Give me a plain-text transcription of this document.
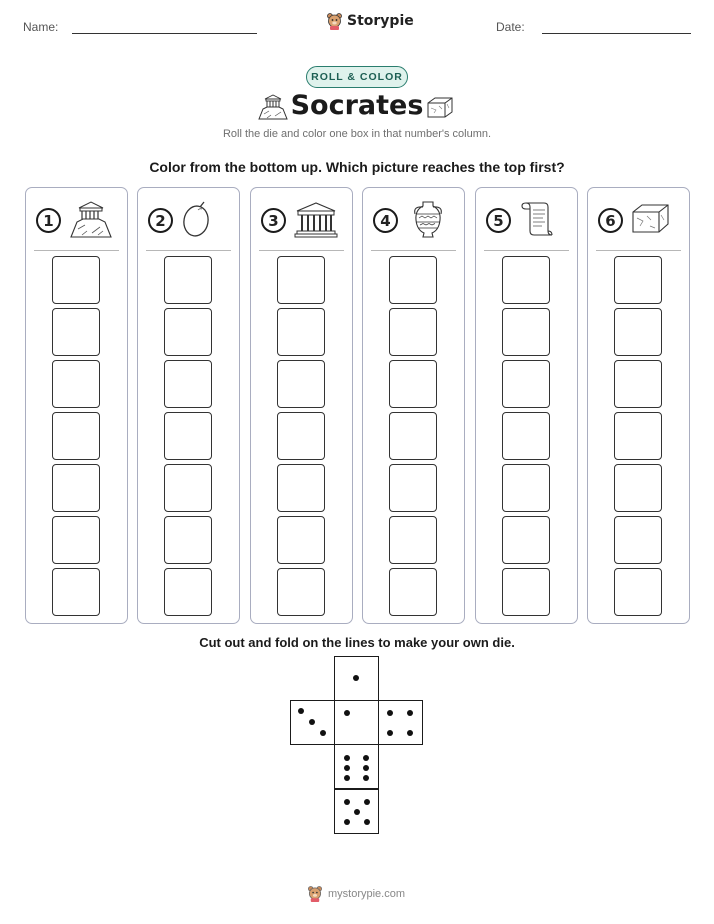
Name:	Storypie	Date:
ROLL & COLOR
Socrates
Roll the die and color one box in that number's column.
Color from the bottom up. Which picture reaches the top first?
1	2	3	4	5	6
Cut out and fold on the lines to make your own die.
mystorypie.com
